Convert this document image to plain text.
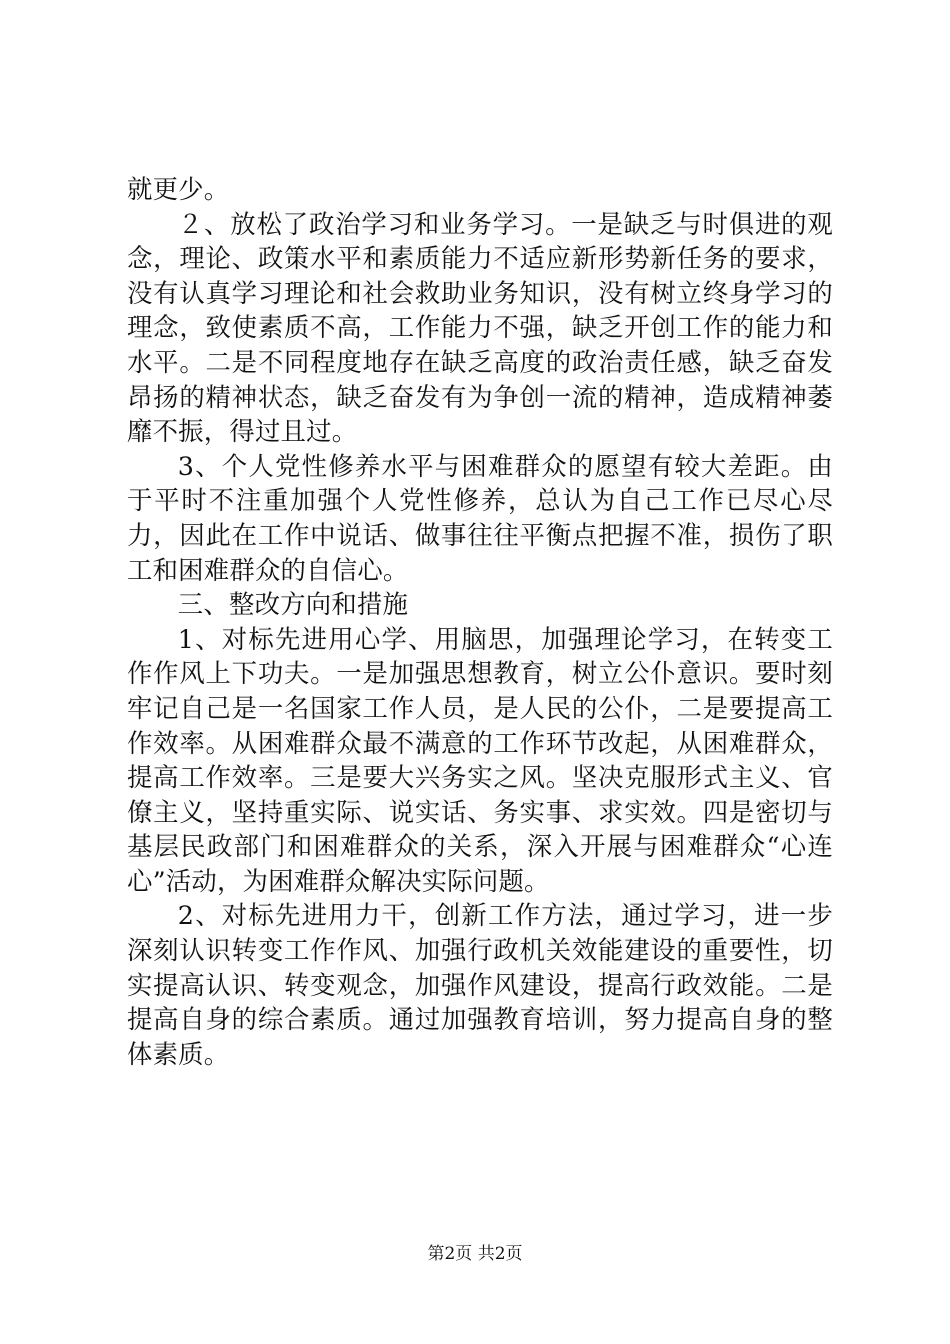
就更少。

２、放松了政治学习和业务学习。一是缺乏与时俱进的观念，理论、政策水平和素质能力不适应新形势新任务的要求，没有认真学习理论和社会救助业务知识，没有树立终身学习的理念，致使素质不高，工作能力不强，缺乏开创工作的能力和水平。二是不同程度地存在缺乏高度的政治责任感，缺乏奋发昂扬的精神状态，缺乏奋发有为争创一流的精神，造成精神萎靡不振，得过且过。

3、个人党性修养水平与困难群众的愿望有较大差距。由于平时不注重加强个人党性修养，总认为自己工作已尽心尽力，因此在工作中说话、做事往往平衡点把握不准，损伤了职工和困难群众的自信心。

三、整改方向和措施

1、对标先进用心学、用脑思，加强理论学习，在转变工作作风上下功夫。一是加强思想教育，树立公仆意识。要时刻牢记自己是一名国家工作人员，是人民的公仆，二是要提高工作效率。从困难群众最不满意的工作环节改起，从困难群众，提高工作效率。三是要大兴务实之风。坚决克服形式主义、官僚主义，坚持重实际、说实话、务实事、求实效。四是密切与基层民政部门和困难群众的关系，深入开展与困难群众“心连心”活动，为困难群众解决实际问题。

2、对标先进用力干，创新工作方法，通过学习，进一步深刻认识转变工作作风、加强行政机关效能建设的重要性，切实提高认识、转变观念，加强作风建设，提高行政效能。二是提高自身的综合素质。通过加强教育培训，努力提高自身的整体素质。

第2页 共2页
